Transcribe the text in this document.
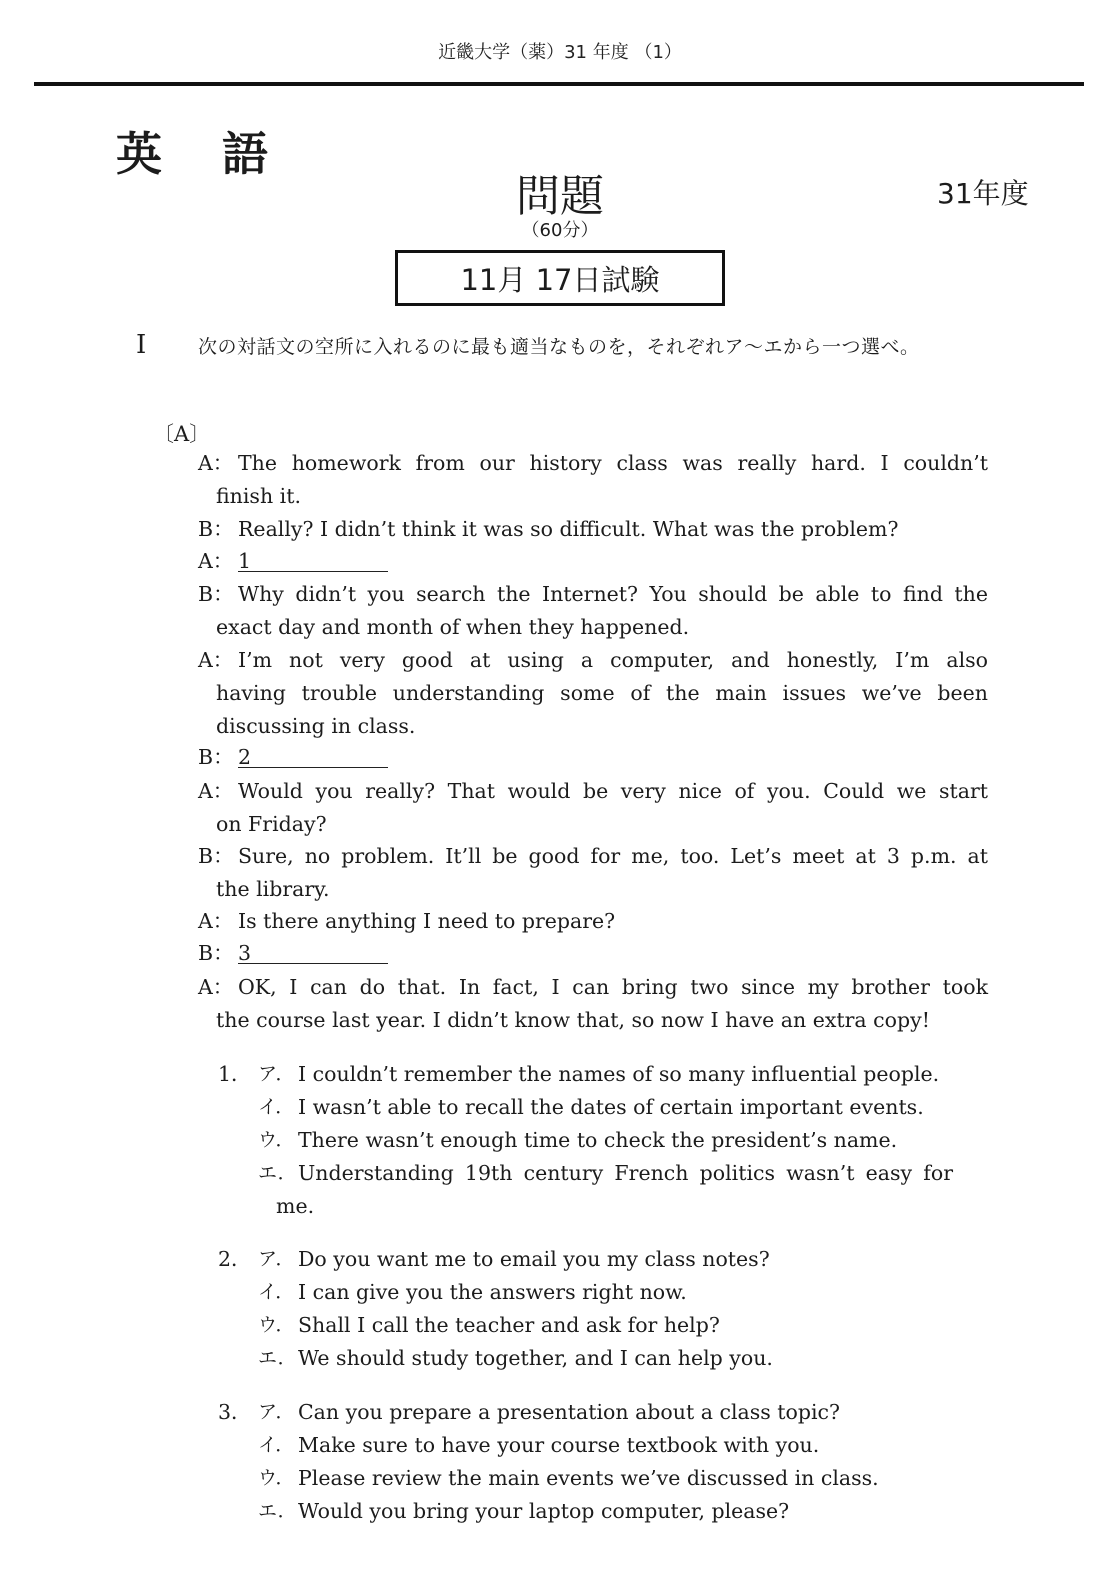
近畿大学（薬）31 年度 （1）
英 語
問題	31年度
（60分）
11月 17日試験
I	次の対話文の空所に入れるのに最も適当なものを，それぞれア～エから一つ選べ。
〔A〕
A： The homework from our history class was really hard. I couldn’t
finish it.
B： Really? I didn’t think it was so difficult. What was the problem?
A： 1
B： Why didn’t you search the Internet? You should be able to find the
exact day and month of when they happened.
A： I’m not very good at using a computer, and honestly, I’m also
having trouble understanding some of the main issues we’ve been
discussing in class.
B： 2
A： Would you really? That would be very nice of you. Could we start
on Friday?
B： Sure, no problem. It’ll be good for me, too. Let’s meet at 3 p.m. at
the library.
A： Is there anything I need to prepare?
B： 3
A： OK, I can do that. In fact, I can bring two since my brother took
the course last year. I didn’t know that, so now I have an extra copy!
1． ア． I couldn’t remember the names of so many influential people.
イ． I wasn’t able to recall the dates of certain important events.
ウ． There wasn’t enough time to check the president’s name.
エ． Understanding 19th century French politics wasn’t easy for
me.
2． ア． Do you want me to email you my class notes?
イ． I can give you the answers right now.
ウ． Shall I call the teacher and ask for help?
エ． We should study together, and I can help you.
3． ア． Can you prepare a presentation about a class topic?
イ． Make sure to have your course textbook with you.
ウ． Please review the main events we’ve discussed in class.
エ． Would you bring your laptop computer, please?
